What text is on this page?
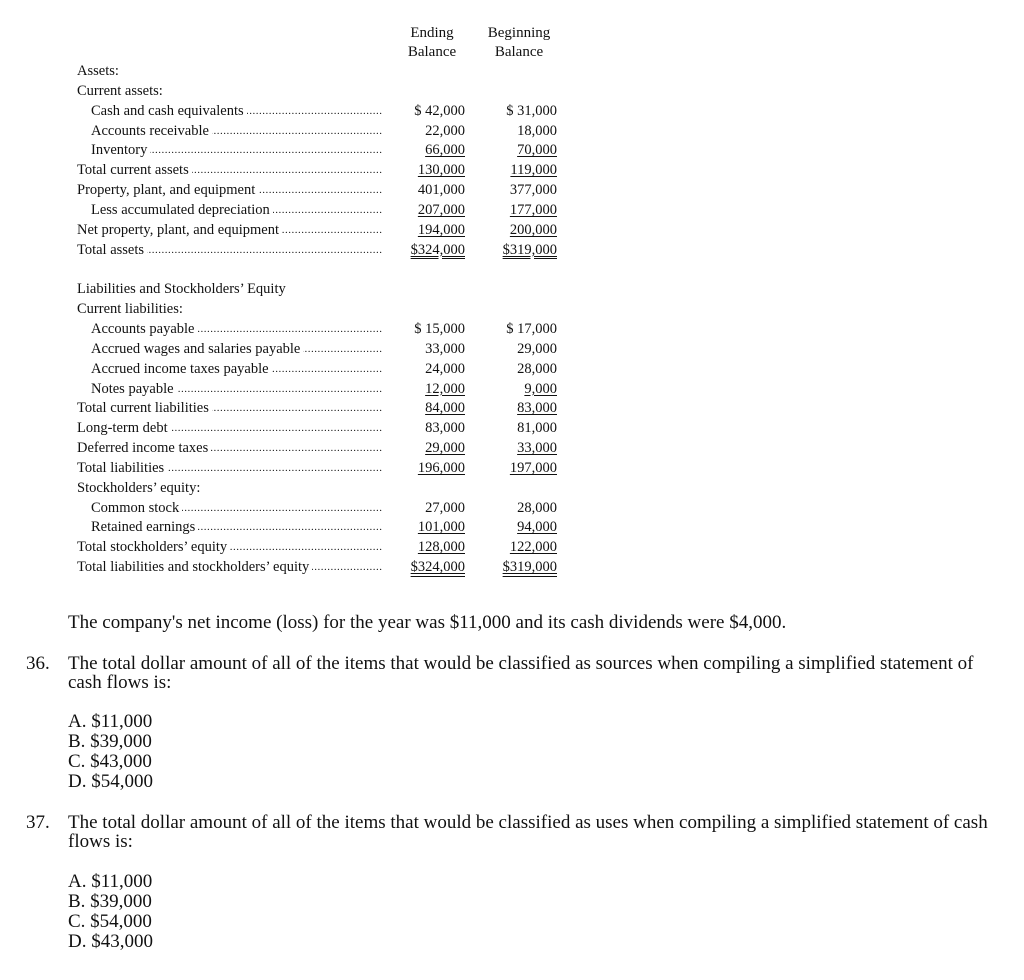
Ending
Balance
Beginning
Balance
Assets:
Current assets:
Cash and cash equivalents .....	$ 42,000	$ 31,000
Accounts receivable .....	22,000	18,000
Inventory .....	66,000	70,000
Total current assets .....	130,000	119,000
Property, plant, and equipment .....	401,000	377,000
Less accumulated depreciation .....	207,000	177,000
Net property, plant, and equipment .....	194,000	200,000
Total assets .....	$324,000	$319,000
Liabilities and Stockholders’ Equity
Current liabilities:
Accounts payable .....	$ 15,000	$ 17,000
Accrued wages and salaries payable .....	33,000	29,000
Accrued income taxes payable .....	24,000	28,000
Notes payable .....	12,000	9,000
Total current liabilities .....	84,000	83,000
Long-term debt .....	83,000	81,000
Deferred income taxes .....	29,000	33,000
Total liabilities .....	196,000	197,000
Stockholders’ equity:
Common stock .....	27,000	28,000
Retained earnings .....	101,000	94,000
Total stockholders’ equity .....	128,000	122,000
Total liabilities and stockholders’ equity .....	$324,000	$319,000
The company's net income (loss) for the year was $11,000 and its cash dividends were $4,000.
36. The total dollar amount of all of the items that would be classified as sources when compiling a simplified statement of cash flows is:
A. $11,000
B. $39,000
C. $43,000
D. $54,000
37. The total dollar amount of all of the items that would be classified as uses when compiling a simplified statement of cash flows is:
A. $11,000
B. $39,000
C. $54,000
D. $43,000
